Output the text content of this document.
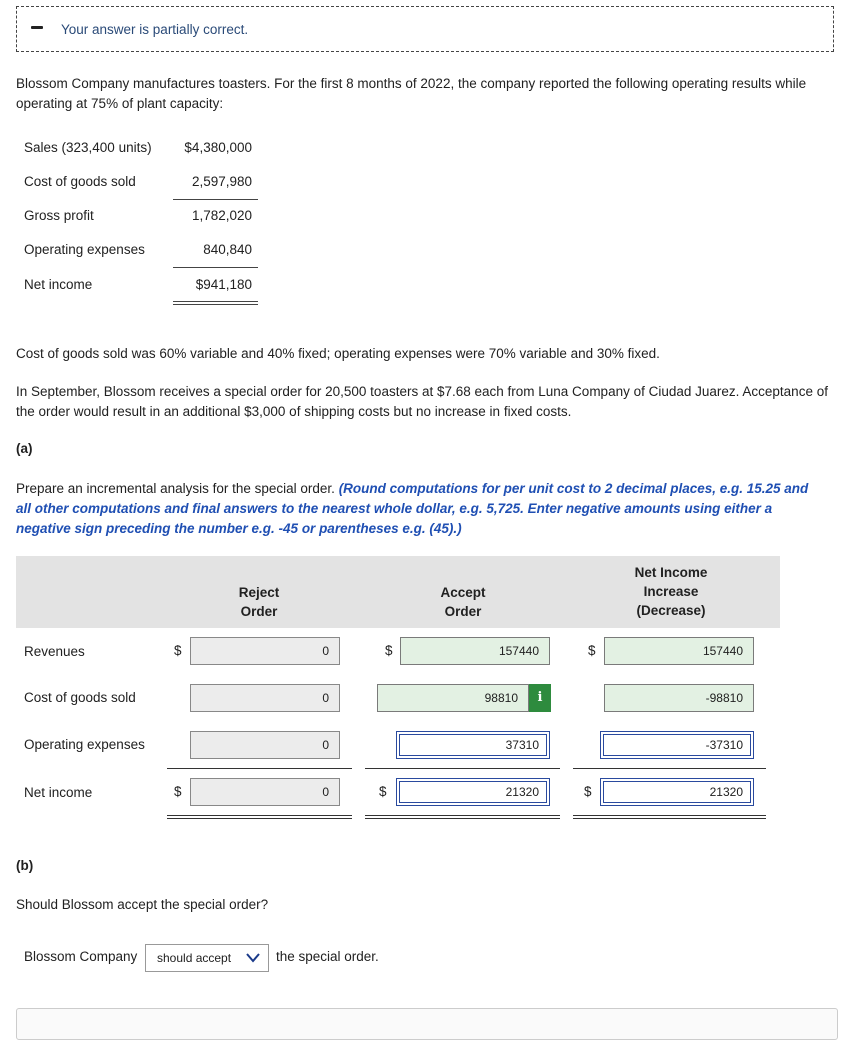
Your answer is partially correct.
Blossom Company manufactures toasters. For the first 8 months of 2022, the company reported the following operating results while operating at 75% of plant capacity:
Sales (323,400 units) $4,380,000
Cost of goods sold	2,597,980
Gross profit	1,782,020
Operating expenses	840,840
Net income	$941,180
Cost of goods sold was 60% variable and 40% fixed; operating expenses were 70% variable and 30% fixed.
In September, Blossom receives a special order for 20,500 toasters at $7.68 each from Luna Company of Ciudad Juarez. Acceptance of the order would result in an additional $3,000 of shipping costs but no increase in fixed costs.
(a)
Prepare an incremental analysis for the special order. (Round computations for per unit cost to 2 decimal places, e.g. 15.25 and all other computations and final answers to the nearest whole dollar, e.g. 5,725. Enter negative amounts using either a negative sign preceding the number e.g. -45 or parentheses e.g. (45).)
Reject
Order
Accept
Order
Net Income
Increase
(Decrease)
Revenues	$	0	$	157440	$	157440
Cost of goods sold	0	98810	i	-98810
Operating expenses	0	37310	-37310
Net income	$	0	$	21320	$	21320
(b)
Should Blossom accept the special order?
Blossom Company	should accept	the special order.
